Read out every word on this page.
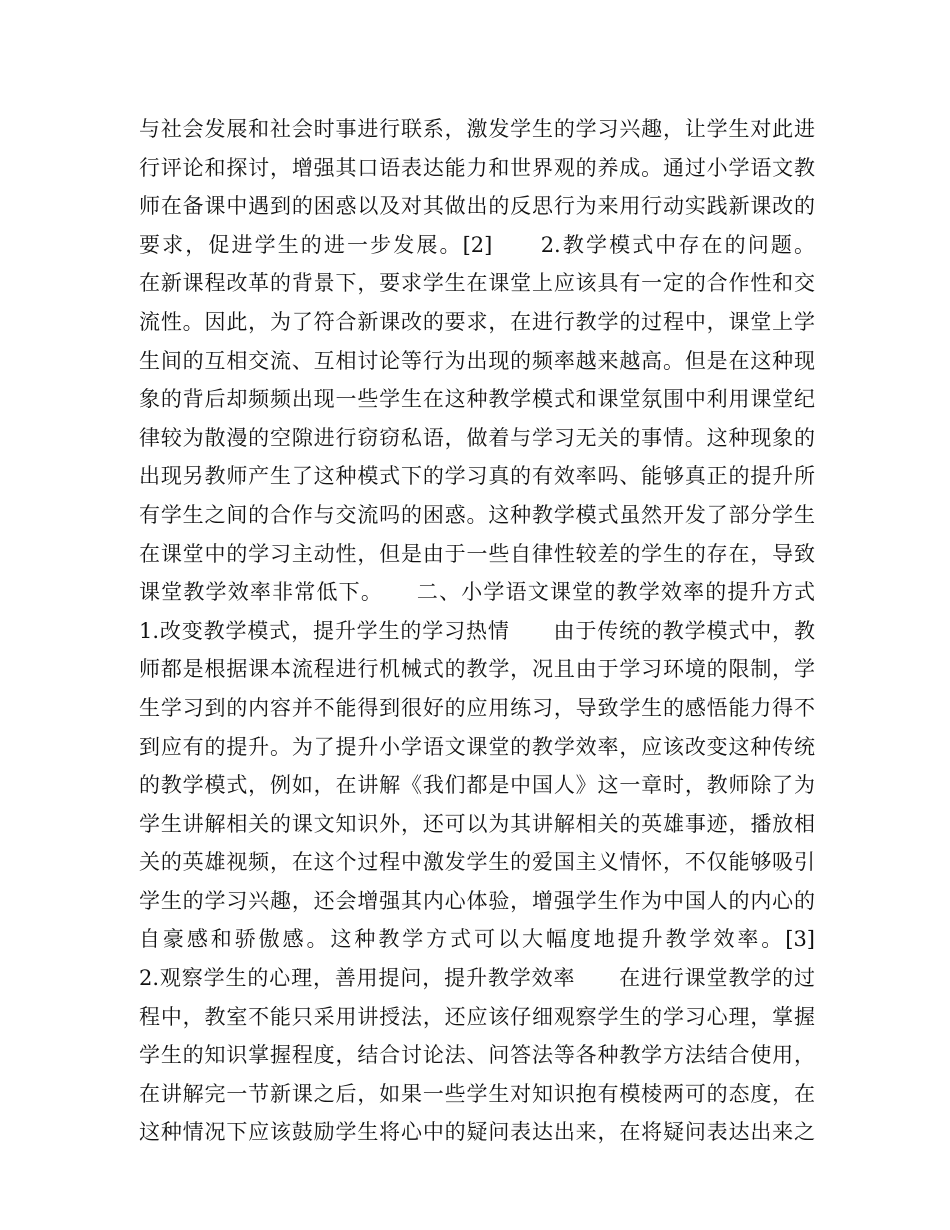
与社会发展和社会时事进行联系，激发学生的学习兴趣，让学生对此进
行评论和探讨，增强其口语表达能力和世界观的养成。通过小学语文教
师在备课中遇到的困惑以及对其做出的反思行为来用行动实践新课改的
要求，促进学生的进一步发展。[2]　　2.教学模式中存在的问题。
在新课程改革的背景下，要求学生在课堂上应该具有一定的合作性和交
流性。因此，为了符合新课改的要求，在进行教学的过程中，课堂上学
生间的互相交流、互相讨论等行为出现的频率越来越高。但是在这种现
象的背后却频频出现一些学生在这种教学模式和课堂氛围中利用课堂纪
律较为散漫的空隙进行窃窃私语，做着与学习无关的事情。这种现象的
出现另教师产生了这种模式下的学习真的有效率吗、能够真正的提升所
有学生之间的合作与交流吗的困惑。这种教学模式虽然开发了部分学生
在课堂中的学习主动性，但是由于一些自律性较差的学生的存在，导致
课堂教学效率非常低下。　　二、小学语文课堂的教学效率的提升方式
1.改变教学模式，提升学生的学习热情　　由于传统的教学模式中，教
师都是根据课本流程进行机械式的教学，况且由于学习环境的限制，学
生学习到的内容并不能得到很好的应用练习，导致学生的感悟能力得不
到应有的提升。为了提升小学语文课堂的教学效率，应该改变这种传统
的教学模式，例如，在讲解《我们都是中国人》这一章时，教师除了为
学生讲解相关的课文知识外，还可以为其讲解相关的英雄事迹，播放相
关的英雄视频，在这个过程中激发学生的爱国主义情怀，不仅能够吸引
学生的学习兴趣，还会增强其内心体验，增强学生作为中国人的内心的
自豪感和骄傲感。这种教学方式可以大幅度地提升教学效率。[3]
2.观察学生的心理，善用提问，提升教学效率　　在进行课堂教学的过
程中，教室不能只采用讲授法，还应该仔细观察学生的学习心理，掌握
学生的知识掌握程度，结合讨论法、问答法等各种教学方法结合使用，
在讲解完一节新课之后，如果一些学生对知识抱有模棱两可的态度，在
这种情况下应该鼓励学生将心中的疑问表达出来，在将疑问表达出来之
